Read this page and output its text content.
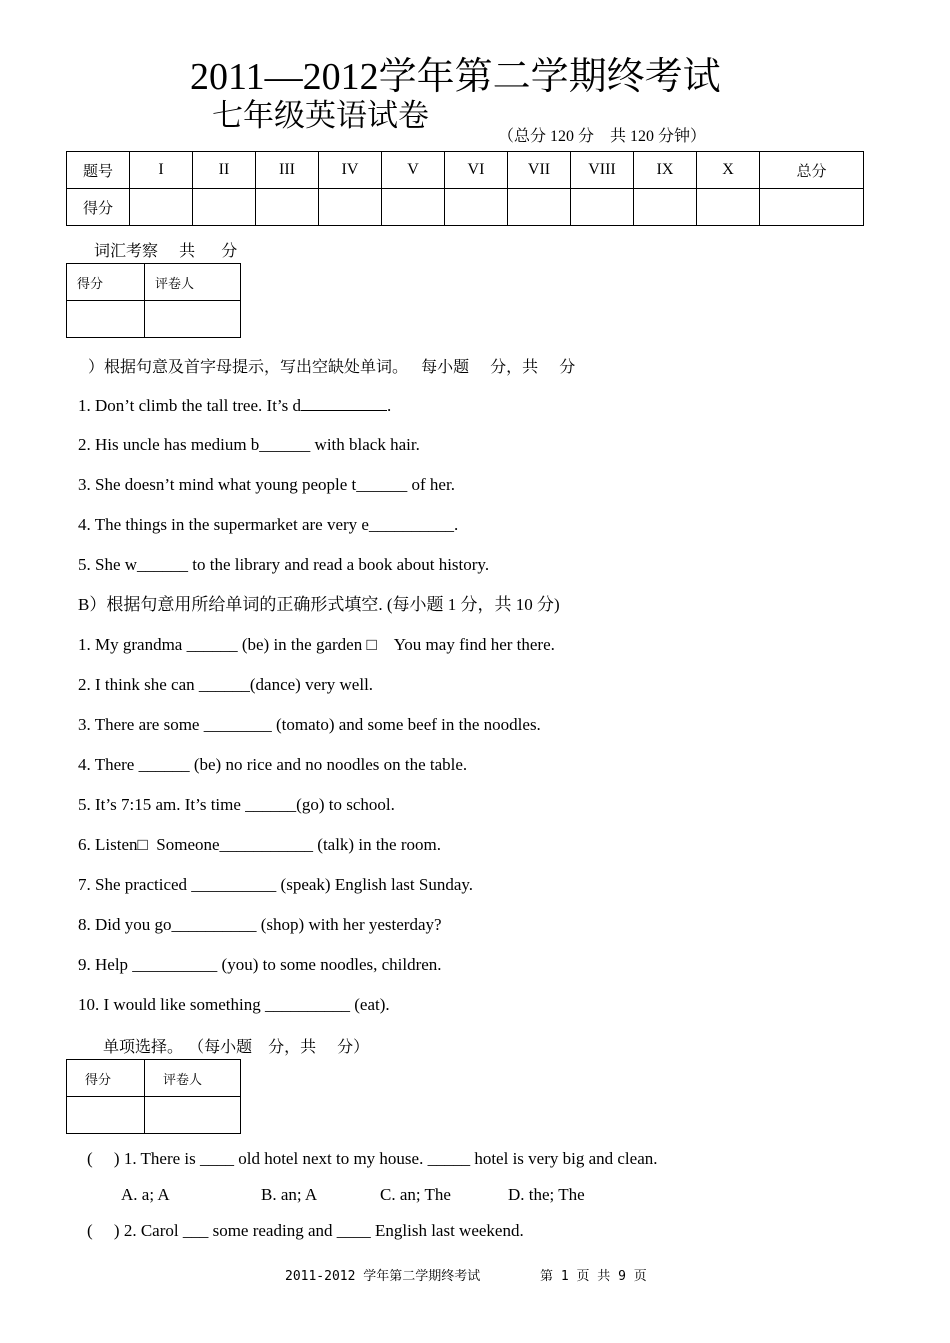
2011—2012学年第二学期终考试
七年级英语试卷
（总分 120 分　共 120 分钟）
题号	I	II	III	IV	V	VI	VII	VIII	IX	X	总分
得分											
词汇考察　 共 　 分
得分	评卷人

）根据句意及首字母提示，写出空缺处单词。　 每小题　 分，共　 分
1. Don’t climb the tall tree. It’s d	.
2. His uncle has medium b______ with black hair.
3. She doesn’t mind what young people t______ of her.
4. The things in the supermarket are very e__________.
5. She w______ to the library and read a book about history.
B）根据句意用所给单词的正确形式填空. (每小题 1 分，共 10 分)
1. My grandma ______ (be) in the garden □　You may find her there.
2. I think she can ______(dance) very well.
3. There are some ________ (tomato) and some beef in the noodles.
4. There ______ (be) no rice and no noodles on the table.
5. It’s 7:15 am. It’s time ______(go) to school.
6. Listen□  Someone___________ (talk) in the room.
7. She practiced __________ (speak) English last Sunday.
8. Did you go__________ (shop) with her yesterday?
9. Help __________ (you) to some noodles, children.
10. I would like something __________ (eat).
单项选择。 （每小题　分，共　 分）
得分	评卷人

(　 ) 1. There is ____ old hotel next to my house. _____ hotel is very big and clean.
A. a; A	B. an; A	C. an; The	D. the; The
(　 ) 2. Carol ___ some reading and ____ English last weekend.
2011-2012 学年第二学期终考试	第 1 页 共 9 页
